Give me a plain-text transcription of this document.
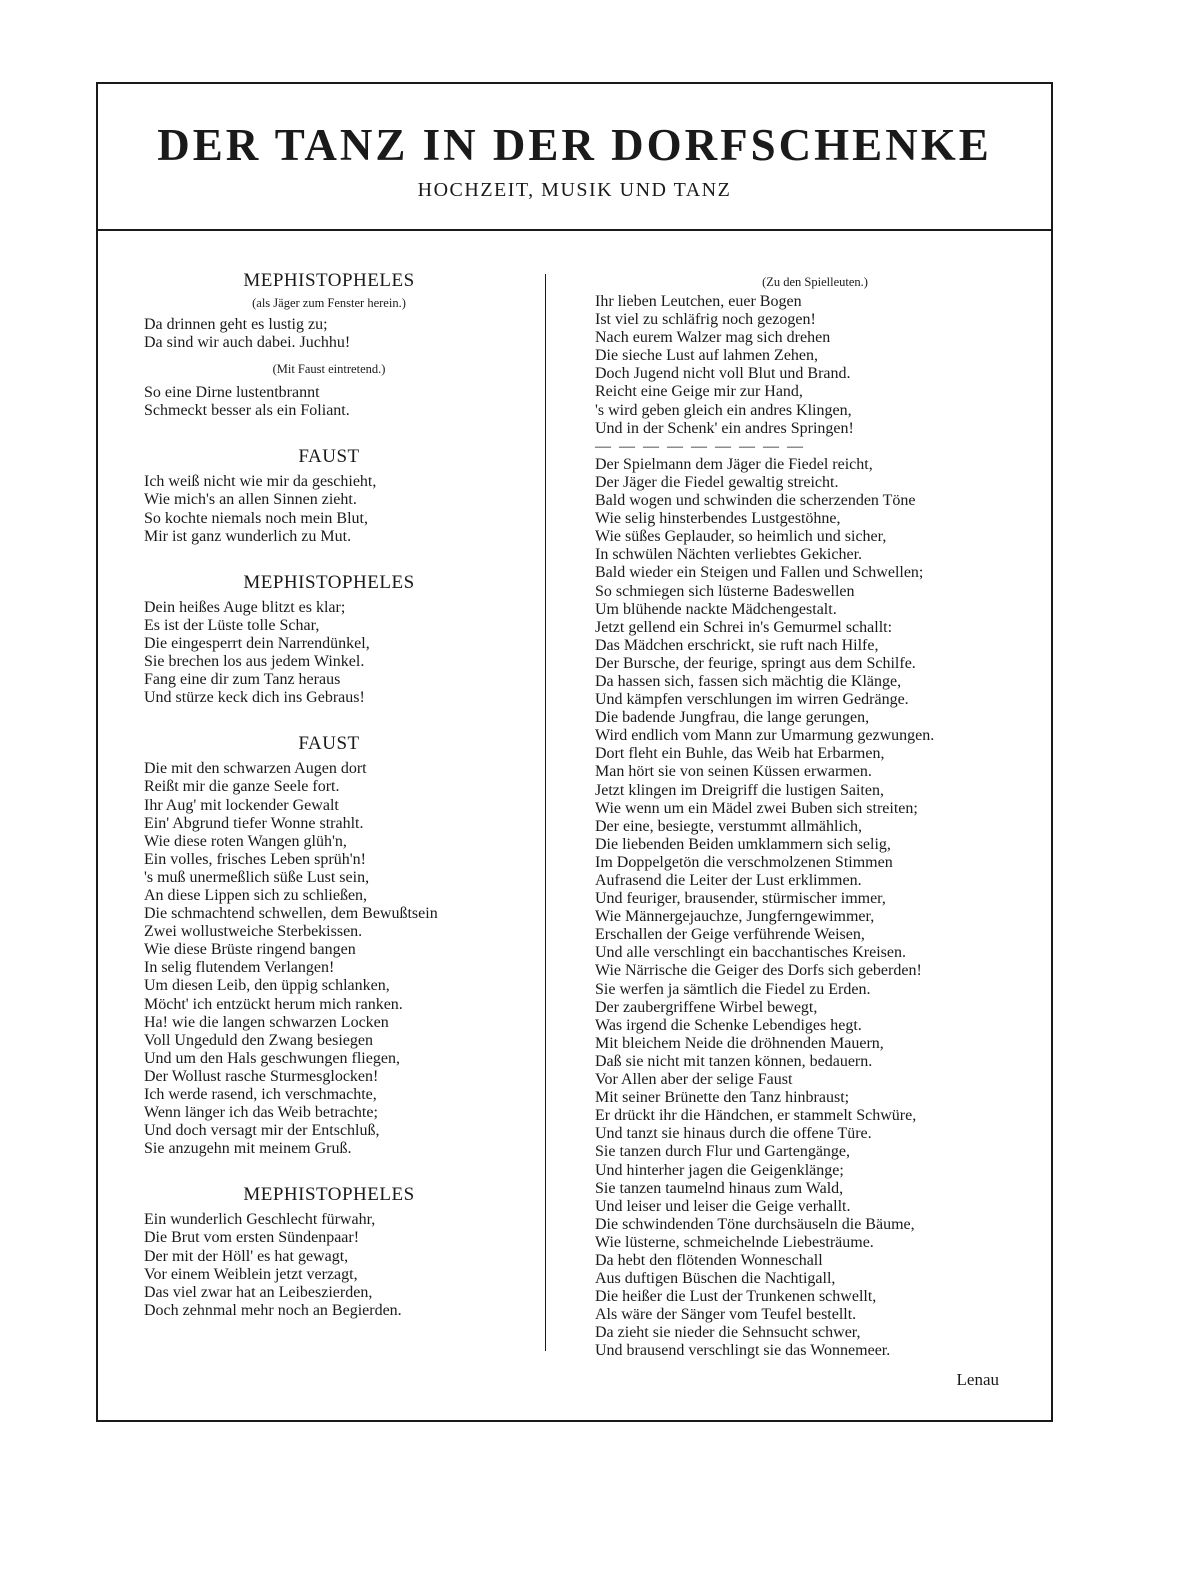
DER TANZ IN DER DORFSCHENKE
HOCHZEIT, MUSIK UND TANZ

MEPHISTOPHELES

(als Jäger zum Fenster herein.)

Da drinnen geht es lustig zu;
Da sind wir auch dabei. Juchhu!

(Mit Faust eintretend.)

So eine Dirne lustentbrannt
Schmeckt besser als ein Foliant.

FAUST

Ich weiß nicht wie mir da geschieht,
Wie mich's an allen Sinnen zieht.
So kochte niemals noch mein Blut,
Mir ist ganz wunderlich zu Mut.

MEPHISTOPHELES

Dein heißes Auge blitzt es klar;
Es ist der Lüste tolle Schar,
Die eingesperrt dein Narrendünkel,
Sie brechen los aus jedem Winkel.
Fang eine dir zum Tanz heraus
Und stürze keck dich ins Gebraus!

FAUST

Die mit den schwarzen Augen dort
Reißt mir die ganze Seele fort.
Ihr Aug' mit lockender Gewalt
Ein' Abgrund tiefer Wonne strahlt.
Wie diese roten Wangen glüh'n,
Ein volles, frisches Leben sprüh'n!
's muß unermeßlich süße Lust sein,
An diese Lippen sich zu schließen,
Die schmachtend schwellen, dem Bewußtsein
Zwei wollustweiche Sterbekissen.
Wie diese Brüste ringend bangen
In selig flutendem Verlangen!
Um diesen Leib, den üppig schlanken,
Möcht' ich entzückt herum mich ranken.
Ha! wie die langen schwarzen Locken
Voll Ungeduld den Zwang besiegen
Und um den Hals geschwungen fliegen,
Der Wollust rasche Sturmesglocken!
Ich werde rasend, ich verschmachte,
Wenn länger ich das Weib betrachte;
Und doch versagt mir der Entschluß,
Sie anzugehn mit meinem Gruß.

MEPHISTOPHELES

Ein wunderlich Geschlecht fürwahr,
Die Brut vom ersten Sündenpaar!
Der mit der Höll' es hat gewagt,
Vor einem Weiblein jetzt verzagt,
Das viel zwar hat an Leibeszierden,
Doch zehnmal mehr noch an Begierden.

(Zu den Spielleuten.)

Ihr lieben Leutchen, euer Bogen
Ist viel zu schläfrig noch gezogen!
Nach eurem Walzer mag sich drehen
Die sieche Lust auf lahmen Zehen,
Doch Jugend nicht voll Blut und Brand.
Reicht eine Geige mir zur Hand,
's wird geben gleich ein andres Klingen,
Und in der Schenk' ein andres Springen!
— — — — — — — — —
Der Spielmann dem Jäger die Fiedel reicht,
Der Jäger die Fiedel gewaltig streicht.
Bald wogen und schwinden die scherzenden Töne
Wie selig hinsterbendes Lustgestöhne,
Wie süßes Geplauder, so heimlich und sicher,
In schwülen Nächten verliebtes Gekicher.
Bald wieder ein Steigen und Fallen und Schwellen;
So schmiegen sich lüsterne Badeswellen
Um blühende nackte Mädchengestalt.
Jetzt gellend ein Schrei in's Gemurmel schallt:
Das Mädchen erschrickt, sie ruft nach Hilfe,
Der Bursche, der feurige, springt aus dem Schilfe.
Da hassen sich, fassen sich mächtig die Klänge,
Und kämpfen verschlungen im wirren Gedränge.
Die badende Jungfrau, die lange gerungen,
Wird endlich vom Mann zur Umarmung gezwungen.
Dort fleht ein Buhle, das Weib hat Erbarmen,
Man hört sie von seinen Küssen erwarmen.
Jetzt klingen im Dreigriff die lustigen Saiten,
Wie wenn um ein Mädel zwei Buben sich streiten;
Der eine, besiegte, verstummt allmählich,
Die liebenden Beiden umklammern sich selig,
Im Doppelgetön die verschmolzenen Stimmen
Aufrasend die Leiter der Lust erklimmen.
Und feuriger, brausender, stürmischer immer,
Wie Männergejauchze, Jungferngewimmer,
Erschallen der Geige verführende Weisen,
Und alle verschlingt ein bacchantisches Kreisen.
Wie Närrische die Geiger des Dorfs sich geberden!
Sie werfen ja sämtlich die Fiedel zu Erden.
Der zaubergriffene Wirbel bewegt,
Was irgend die Schenke Lebendiges hegt.
Mit bleichem Neide die dröhnenden Mauern,
Daß sie nicht mit tanzen können, bedauern.
Vor Allen aber der selige Faust
Mit seiner Brünette den Tanz hinbraust;
Er drückt ihr die Händchen, er stammelt Schwüre,
Und tanzt sie hinaus durch die offene Türe.
Sie tanzen durch Flur und Gartengänge,
Und hinterher jagen die Geigenklänge;
Sie tanzen taumelnd hinaus zum Wald,
Und leiser und leiser die Geige verhallt.
Die schwindenden Töne durchsäuseln die Bäume,
Wie lüsterne, schmeichelnde Liebesträume.
Da hebt den flötenden Wonneschall
Aus duftigen Büschen die Nachtigall,
Die heißer die Lust der Trunkenen schwellt,
Als wäre der Sänger vom Teufel bestellt.
Da zieht sie nieder die Sehnsucht schwer,
Und brausend verschlingt sie das Wonnemeer.
Lenau
